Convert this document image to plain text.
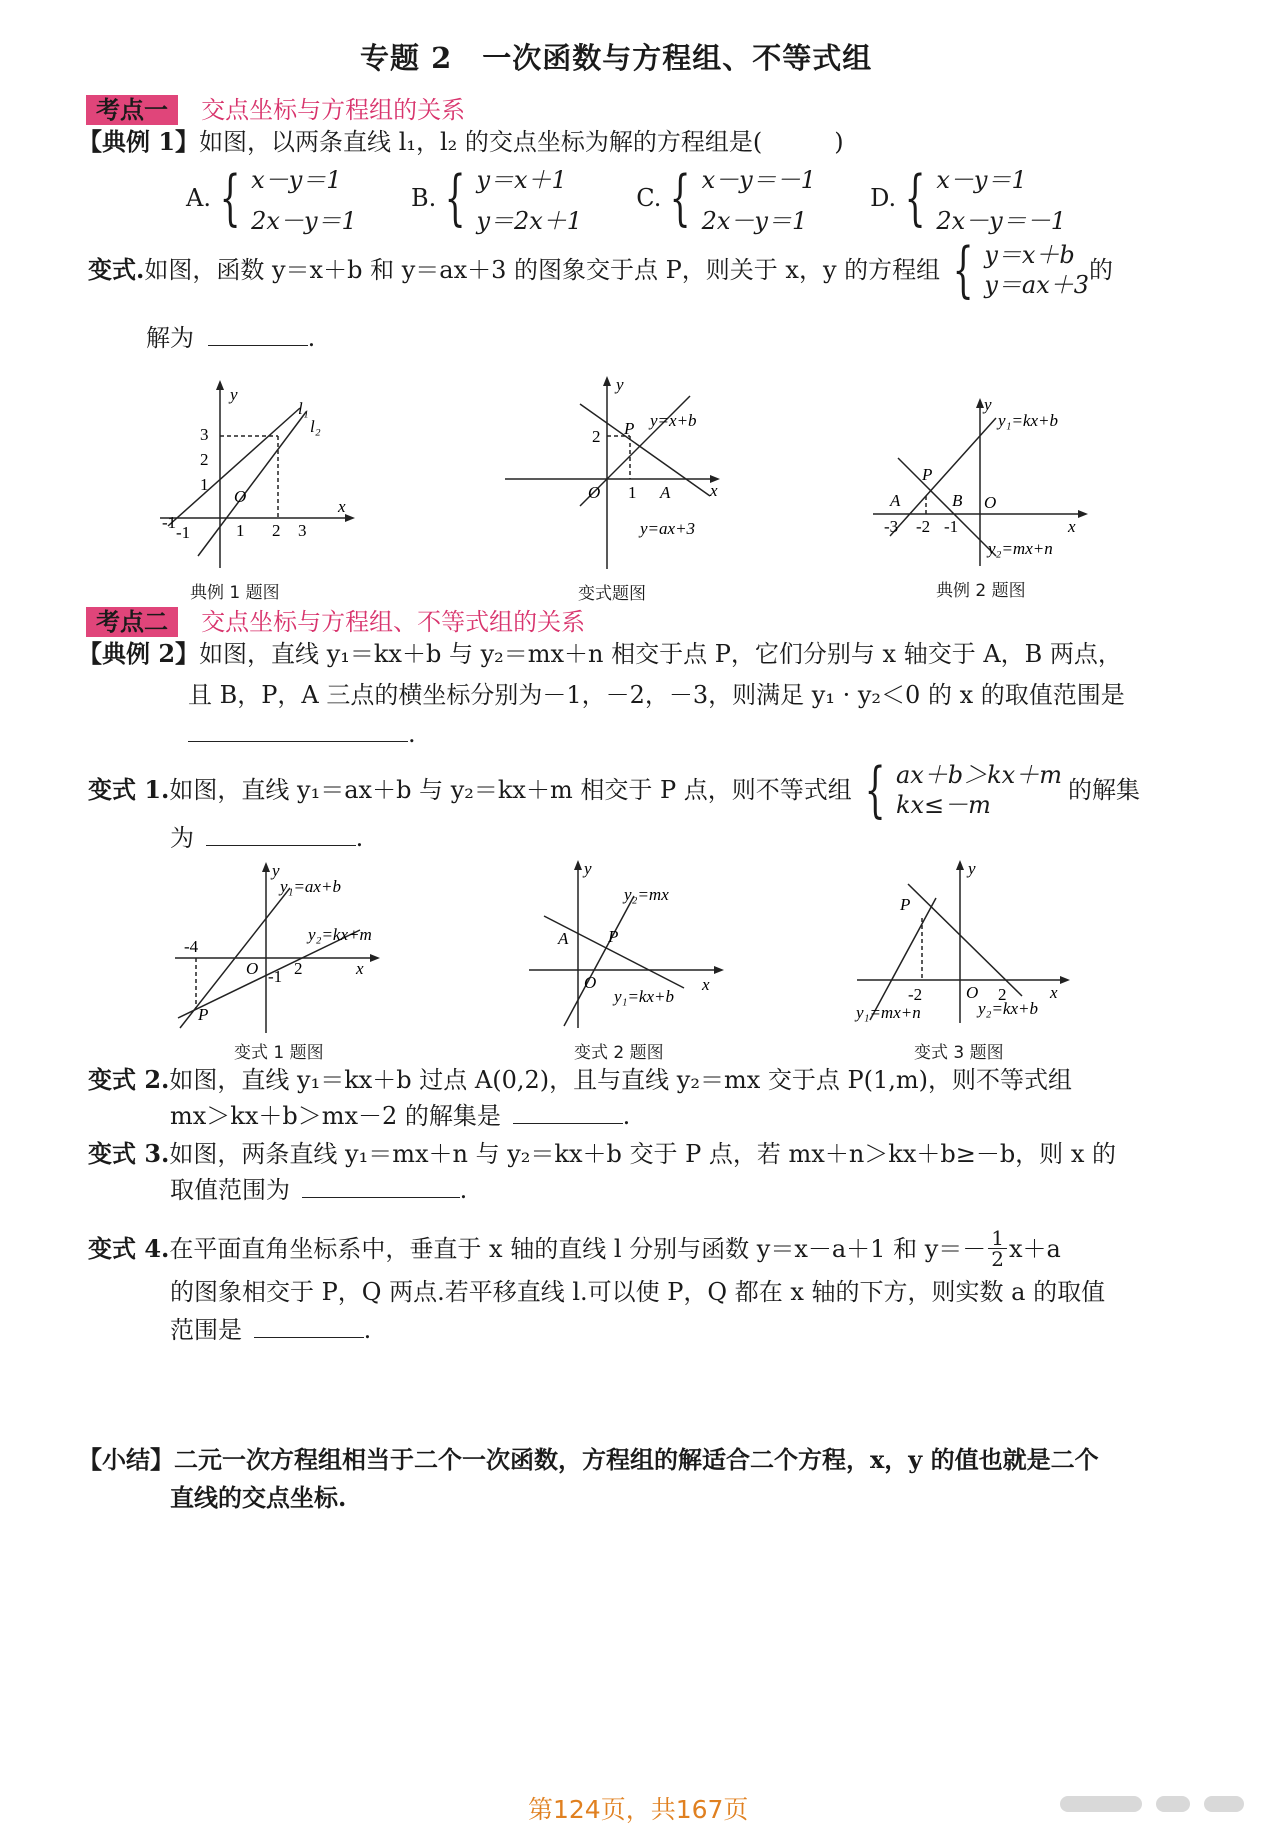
专题 2　一次函数与方程组、不等式组
考点一 交点坐标与方程组的关系
【典例 1】如图，以两条直线 l₁，l₂ 的交点坐标为解的方程组是(　　　)
A. { x－y＝1
2x－y＝1
B. { y＝x＋1
y＝2x＋1
C. { x－y＝－1
2x－y＝1
D. { x－y＝1
2x－y＝－1
变式. 如图，函数 y＝x＋b 和 y＝ax＋3 的图象交于点 P，则关于 x，y 的方程组 { y＝x＋b
y＝ax＋3
的
解为	.
y
x
O
l₁
l₂
3
2
1
-1
-1	1 2 3
典例 1 题图
y
x
O
P y=x+b
y=ax+3
A
2
1
变式题图
y
x
O
P
y₁=kx+b
y₂=mx+n
A	B
-3 -2 -1
典例 2 题图
考点二 交点坐标与方程组、不等式组的关系
【典例 2】如图，直线 y₁＝kx＋b 与 y₂＝mx＋n 相交于点 P，它们分别与 x 轴交于 A，B 两点，
且 B，P，A 三点的横坐标分别为－1，－2，－3，则满足 y₁ · y₂＜0 的 x 的取值范围是
.
变式 1. 如图，直线 y₁＝ax＋b 与 y₂＝kx＋m 相交于 P 点，则不等式组 { ax＋b＞kx＋m
kx≤－m
的解集
为	.
y
x
O
P
y₁=ax+b
y₂=kx+m
-4
-1 2
变式 1 题图
y
x
O
P
A
y₂=mx
y₁=kx+b
变式 2 题图
y
x
O
P
y₁=mx+n	y₂=kx+b
-2	2
变式 3 题图
变式 2.如图，直线 y₁＝kx＋b 过点 A(0,2)，且与直线 y₂＝mx 交于点 P(1,m)，则不等式组
mx＞kx＋b＞mx－2 的解集是	.
变式 3.如图，两条直线 y₁＝mx＋n 与 y₂＝kx＋b 交于 P 点，若 mx＋n＞kx＋b≥－b，则 x 的
取值范围为	.
变式 4. 在平面直角坐标系中，垂直于 x 轴的直线 l 分别与函数 y＝x－a＋1 和 $y=- \frac{1}{2} x+a$
的图象相交于 P，Q 两点.若平移直线 l.可以使 P，Q 都在 x 轴的下方，则实数 a 的取值
范围是	.
【小结】二元一次方程组相当于二个一次函数，方程组的解适合二个方程，x，y 的值也就是二个
直线的交点坐标.
第124页，共167页
